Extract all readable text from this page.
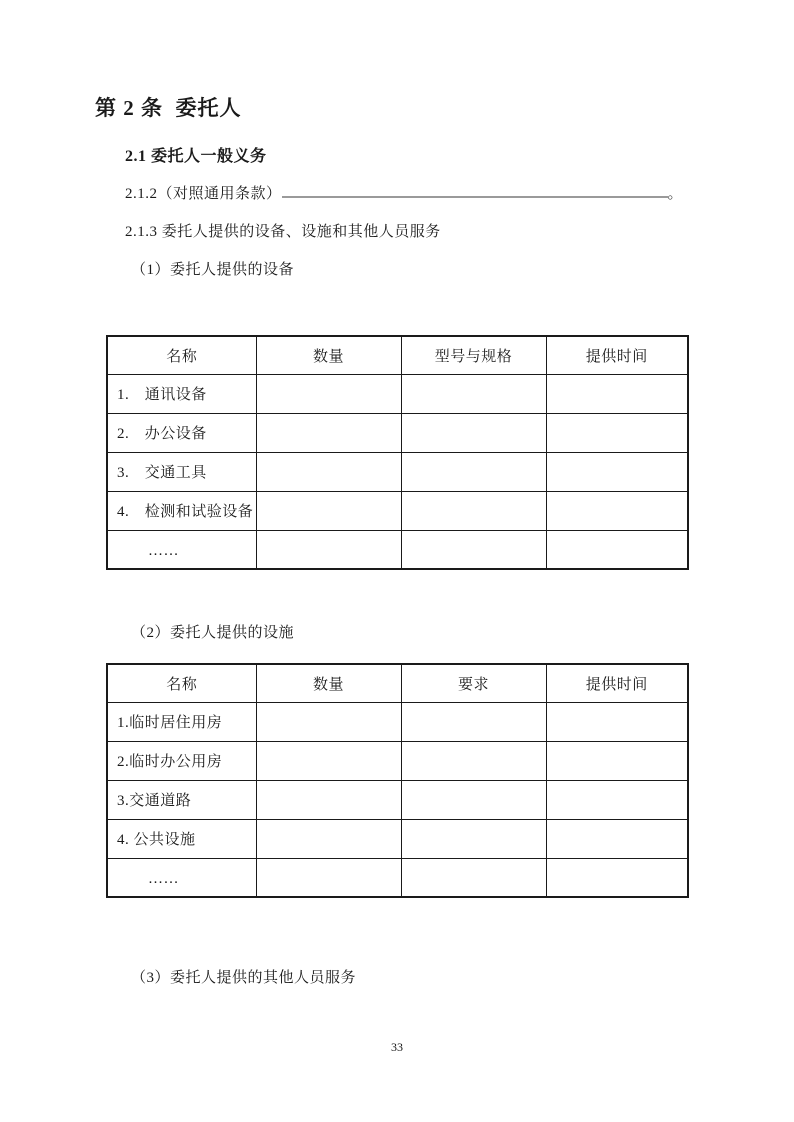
第 2 条  委托人
2.1 委托人一般义务
2.1.2（对照通用条款）	。
2.1.3 委托人提供的设备、设施和其他人员服务
（1）委托人提供的设备
名称	数量	型号与规格	提供时间
1.　通讯设备			
2.　办公设备			
3.　交通工具			
4.　检测和试验设备			
　　……			
（2）委托人提供的设施
名称	数量	要求	提供时间
1.临时居住用房			
2.临时办公用房			
3.交通道路			
4. 公共设施			
　　……			
（3）委托人提供的其他人员服务
33
